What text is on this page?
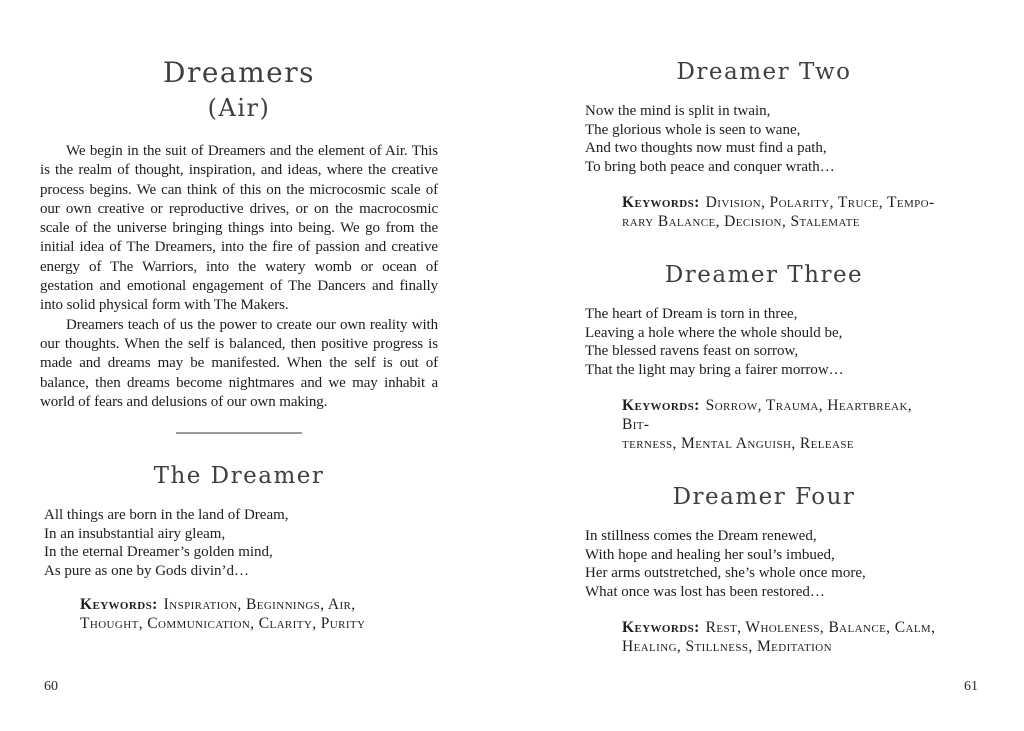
Dreamers
(Air)

We begin in the suit of Dreamers and the element of Air. This is the realm of thought, inspiration, and ideas, where the creative process begins. We can think of this on the microcosmic scale of our own creative or reproductive drives, or on the macrocosmic scale of the universe bringing things into being. We go from the initial idea of The Dreamers, into the fire of passion and creative energy of The Warriors, into the watery womb or ocean of gestation and emotional engagement of The Dancers and finally into solid physical form with The Makers.

Dreamers teach of us the power to create our own reality with our thoughts. When the self is balanced, then positive progress is made and dreams may be manifested. When the self is out of balance, then dreams become nightmares and we may inhabit a world of fears and delusions of our own making.

The Dreamer
All things are born in the land of Dream,
In an insubstantial airy gleam,
In the eternal Dreamer’s golden mind,
As pure as one by Gods divin’d…
Keywords: Inspiration, Beginnings, Air,
Thought, Communication, Clarity, Purity
Dreamer Two
Now the mind is split in twain,
The glorious whole is seen to wane,
And two thoughts now must find a path,
To bring both peace and conquer wrath…
Keywords: Division, Polarity, Truce, Tempo-
rary Balance, Decision, Stalemate
Dreamer Three
The heart of Dream is torn in three,
Leaving a hole where the whole should be,
The blessed ravens feast on sorrow,
That the light may bring a fairer morrow…
Keywords: Sorrow, Trauma, Heartbreak, Bit-
terness, Mental Anguish, Release
Dreamer Four
In stillness comes the Dream renewed,
With hope and healing her soul’s imbued,
Her arms outstretched, she’s whole once more,
What once was lost has been restored…
Keywords: Rest, Wholeness, Balance, Calm,
Healing, Stillness, Meditation
60	61
